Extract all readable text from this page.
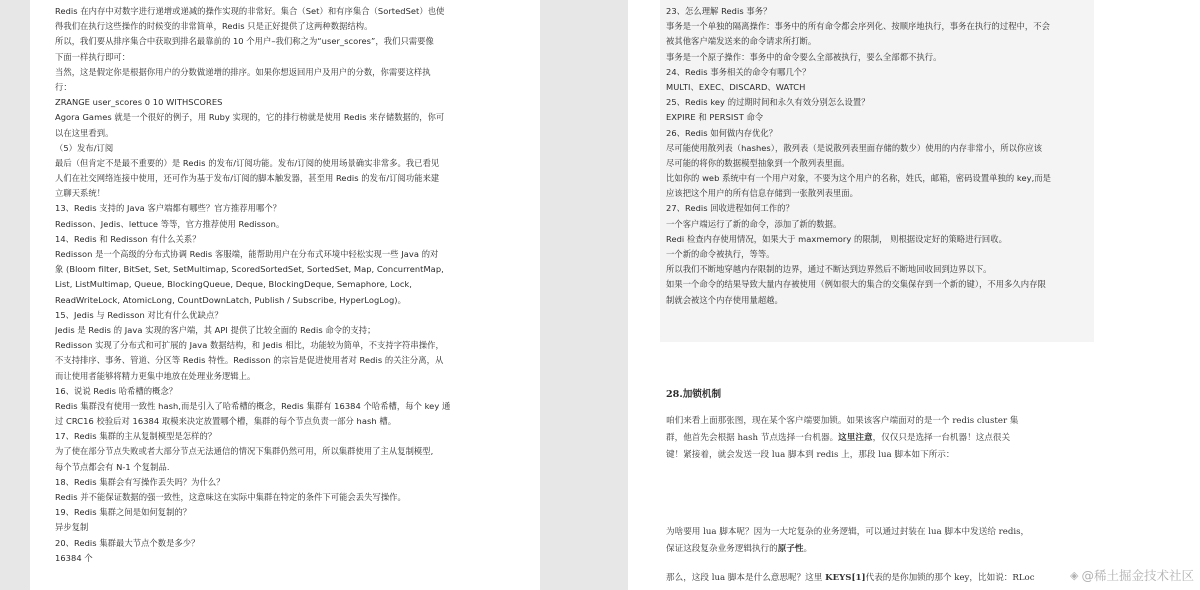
Redis 在内存中对数字进行递增或递减的操作实现的非常好。集合（Set）和有序集合（SortedSet）也使
得我们在执行这些操作的时候变的非常简单，Redis 只是正好提供了这两种数据结构。
所以，我们要从排序集合中获取到排名最靠前的 10 个用户–我们称之为“user_scores”，我们只需要像
下面一样执行即可：
当然，这是假定你是根据你用户的分数做递增的排序。如果你想返回用户及用户的分数，你需要这样执
行：
ZRANGE user_scores 0 10 WITHSCORES
Agora Games 就是一个很好的例子，用 Ruby 实现的，它的排行榜就是使用 Redis 来存储数据的，你可
以在这里看到。
（5）发布/订阅
最后（但肯定不是最不重要的）是 Redis 的发布/订阅功能。发布/订阅的使用场景确实非常多。我已看见
人们在社交网络连接中使用，还可作为基于发布/订阅的脚本触发器，甚至用 Redis 的发布/订阅功能来建
立聊天系统！
13、Redis 支持的 Java 客户端都有哪些？官方推荐用哪个？
Redisson、Jedis、lettuce 等等，官方推荐使用 Redisson。
14、Redis 和 Redisson 有什么关系？
Redisson 是一个高级的分布式协调 Redis 客服端，能帮助用户在分布式环境中轻松实现一些 Java 的对
象 (Bloom filter, BitSet, Set, SetMultimap, ScoredSortedSet, SortedSet, Map, ConcurrentMap,
List, ListMultimap, Queue, BlockingQueue, Deque, BlockingDeque, Semaphore, Lock,
ReadWriteLock, AtomicLong, CountDownLatch, Publish / Subscribe, HyperLogLog)。
15、Jedis 与 Redisson 对比有什么优缺点？
Jedis 是 Redis 的 Java 实现的客户端，其 API 提供了比较全面的 Redis 命令的支持；
Redisson 实现了分布式和可扩展的 Java 数据结构，和 Jedis 相比，功能较为简单，不支持字符串操作，
不支持排序、事务、管道、分区等 Redis 特性。Redisson 的宗旨是促进使用者对 Redis 的关注分离，从
而让使用者能够将精力更集中地放在处理业务逻辑上。
16、说说 Redis 哈希槽的概念？
Redis 集群没有使用一致性 hash,而是引入了哈希槽的概念，Redis 集群有 16384 个哈希槽，每个 key 通
过 CRC16 校验后对 16384 取模来决定放置哪个槽，集群的每个节点负责一部分 hash 槽。
17、Redis 集群的主从复制模型是怎样的？
为了使在部分节点失败或者大部分节点无法通信的情况下集群仍然可用，所以集群使用了主从复制模型,
每个节点都会有 N-1 个复制品.
18、Redis 集群会有写操作丢失吗？为什么？
Redis 并不能保证数据的强一致性，这意味这在实际中集群在特定的条件下可能会丢失写操作。
19、Redis 集群之间是如何复制的？
异步复制
20、Redis 集群最大节点个数是多少？
16384 个
23、怎么理解 Redis 事务？
事务是一个单独的隔离操作：事务中的所有命令都会序列化、按顺序地执行，事务在执行的过程中，不会
被其他客户端发送来的命令请求所打断。
事务是一个原子操作：事务中的命令要么全部被执行，要么全部都不执行。
24、Redis 事务相关的命令有哪几个？
MULTI、EXEC、DISCARD、WATCH
25、Redis key 的过期时间和永久有效分别怎么设置？
EXPIRE 和 PERSIST 命令
26、Redis 如何做内存优化？
尽可能使用散列表（hashes），散列表（是说散列表里面存储的数少）使用的内存非常小，所以你应该
尽可能的将你的数据模型抽象到一个散列表里面。
比如你的 web 系统中有一个用户对象，不要为这个用户的名称，姓氏，邮箱，密码设置单独的 key,而是
应该把这个用户的所有信息存储到一张散列表里面。
27、Redis 回收进程如何工作的？
一个客户端运行了新的命令，添加了新的数据。
Redi 检查内存使用情况，如果大于 maxmemory 的限制， 则根据设定好的策略进行回收。
一个新的命令被执行，等等。
所以我们不断地穿越内存限制的边界，通过不断达到边界然后不断地回收回到边界以下。
如果一个命令的结果导致大量内存被使用（例如很大的集合的交集保存到一个新的键），不用多久内存限
制就会被这个内存使用量超越。
28.加锁机制
咱们来看上面那张图，现在某个客户端要加锁。如果该客户端面对的是一个 redis cluster 集
群，他首先会根据 hash 节点选择一台机器。这里注意，仅仅只是选择一台机器！这点很关
键！紧接着，就会发送一段 lua 脚本到 redis 上，那段 lua 脚本如下所示：
为啥要用 lua 脚本呢？因为一大坨复杂的业务逻辑，可以通过封装在 lua 脚本中发送给 redis，
保证这段复杂业务逻辑执行的原子性。
那么，这段 lua 脚本是什么意思呢？这里 KEYS[1]代表的是你加锁的那个 key，比如说：RLoc	◈ @稀土掘金技术社区
